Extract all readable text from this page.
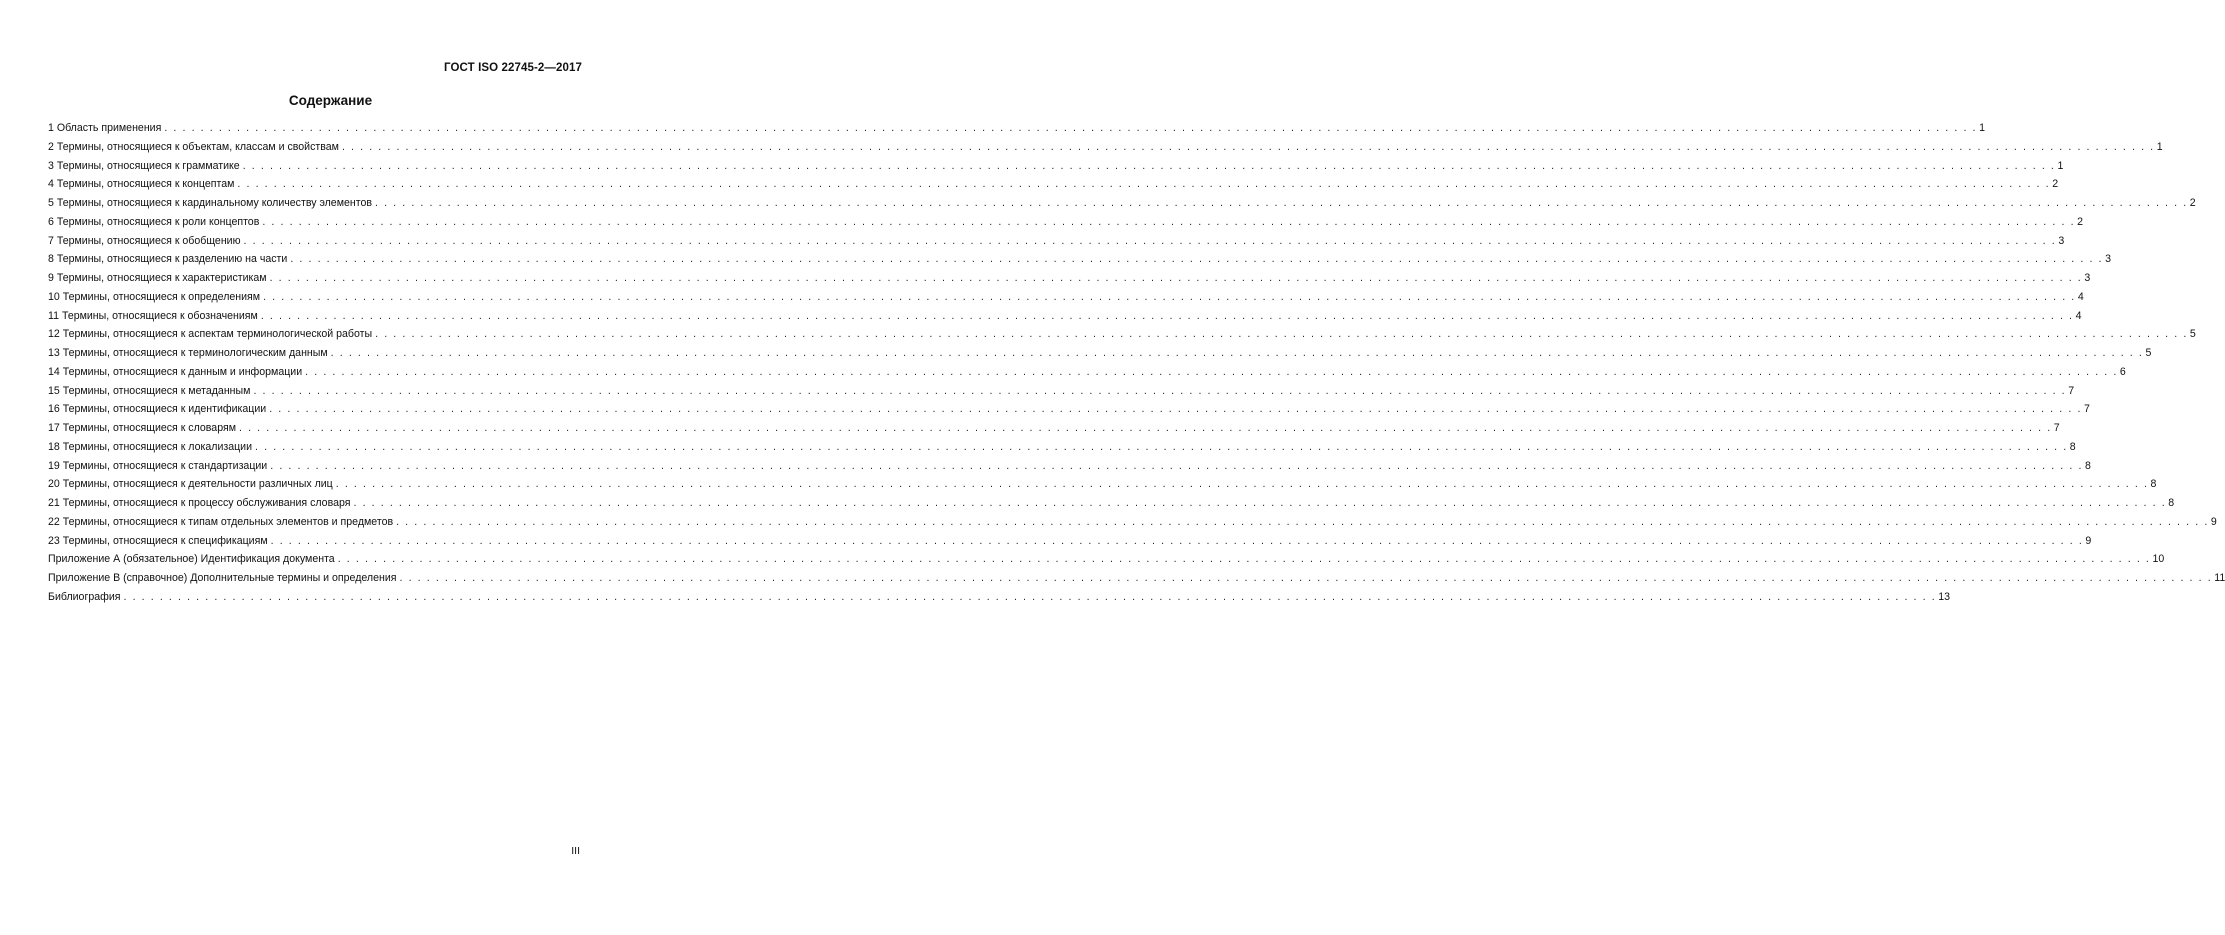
ГОСТ ISO 22745-2—2017
Содержание
1 Область применения . . . . . . . . . . . . . . . . . . . . . . . . . . . . . . . . . . . . . . . . . . . . . . . . . . . . . . . . . . . . . . . . . . . . . . . . . . . . . . . . . . . . . . . . . . . . . . . . . . . . . . . . . . . . . . . . . . . . . . . . . . . . . . . . . . . . . . . . . . . . . . . . . . . . . . . . . . . . . . . . . . . . . . . . . . . . . . . . . . . . . . . . . . . . . . . . . . . . . . . . 1
2 Термины, относящиеся к объектам, классам и свойствам . . . . . . . . . . . . . . . . . . . . . . . . . . . . . . . . . . . . . . . . . . . . . . . . . . . . . . . . . . . . . . . . . . . . . . . . . . . . . . . . . . . . . . . . . . . . . . . . . . . . . . . . . . . . . . . . . . . . . . . . . . . . . . . . . . . . . . . . . . . . . . . . . . . . . . . . . . . . . . . . . . . . . . . . . . . . . . . . . . . . . . . . . . . . . . . . . . . . . . . . 1
3 Термины, относящиеся к грамматике . . . . . . . . . . . . . . . . . . . . . . . . . . . . . . . . . . . . . . . . . . . . . . . . . . . . . . . . . . . . . . . . . . . . . . . . . . . . . . . . . . . . . . . . . . . . . . . . . . . . . . . . . . . . . . . . . . . . . . . . . . . . . . . . . . . . . . . . . . . . . . . . . . . . . . . . . . . . . . . . . . . . . . . . . . . . . . . . . . . . . . . . . . . . . . . . . . . . . . . . 1
4 Термины, относящиеся к концептам . . . . . . . . . . . . . . . . . . . . . . . . . . . . . . . . . . . . . . . . . . . . . . . . . . . . . . . . . . . . . . . . . . . . . . . . . . . . . . . . . . . . . . . . . . . . . . . . . . . . . . . . . . . . . . . . . . . . . . . . . . . . . . . . . . . . . . . . . . . . . . . . . . . . . . . . . . . . . . . . . . . . . . . . . . . . . . . . . . . . . . . . . . . . . . . . . . . . . . . . 2
5 Термины, относящиеся к кардинальному количеству элементов . . . . . . . . . . . . . . . . . . . . . . . . . . . . . . . . . . . . . . . . . . . . . . . . . . . . . . . . . . . . . . . . . . . . . . . . . . . . . . . . . . . . . . . . . . . . . . . . . . . . . . . . . . . . . . . . . . . . . . . . . . . . . . . . . . . . . . . . . . . . . . . . . . . . . . . . . . . . . . . . . . . . . . . . . . . . . . . . . . . . . . . . . . . . . . . . . . . . . . . . 2
6 Термины, относящиеся к роли концептов . . . . . . . . . . . . . . . . . . . . . . . . . . . . . . . . . . . . . . . . . . . . . . . . . . . . . . . . . . . . . . . . . . . . . . . . . . . . . . . . . . . . . . . . . . . . . . . . . . . . . . . . . . . . . . . . . . . . . . . . . . . . . . . . . . . . . . . . . . . . . . . . . . . . . . . . . . . . . . . . . . . . . . . . . . . . . . . . . . . . . . . . . . . . . . . . . . . . . . . . 2
7 Термины, относящиеся к обобщению . . . . . . . . . . . . . . . . . . . . . . . . . . . . . . . . . . . . . . . . . . . . . . . . . . . . . . . . . . . . . . . . . . . . . . . . . . . . . . . . . . . . . . . . . . . . . . . . . . . . . . . . . . . . . . . . . . . . . . . . . . . . . . . . . . . . . . . . . . . . . . . . . . . . . . . . . . . . . . . . . . . . . . . . . . . . . . . . . . . . . . . . . . . . . . . . . . . . . . . . 3
8 Термины, относящиеся к разделению на части . . . . . . . . . . . . . . . . . . . . . . . . . . . . . . . . . . . . . . . . . . . . . . . . . . . . . . . . . . . . . . . . . . . . . . . . . . . . . . . . . . . . . . . . . . . . . . . . . . . . . . . . . . . . . . . . . . . . . . . . . . . . . . . . . . . . . . . . . . . . . . . . . . . . . . . . . . . . . . . . . . . . . . . . . . . . . . . . . . . . . . . . . . . . . . . . . . . . . . . . 3
9 Термины, относящиеся к характеристикам . . . . . . . . . . . . . . . . . . . . . . . . . . . . . . . . . . . . . . . . . . . . . . . . . . . . . . . . . . . . . . . . . . . . . . . . . . . . . . . . . . . . . . . . . . . . . . . . . . . . . . . . . . . . . . . . . . . . . . . . . . . . . . . . . . . . . . . . . . . . . . . . . . . . . . . . . . . . . . . . . . . . . . . . . . . . . . . . . . . . . . . . . . . . . . . . . . . . . . . . 3
10 Термины, относящиеся к определениям . . . . . . . . . . . . . . . . . . . . . . . . . . . . . . . . . . . . . . . . . . . . . . . . . . . . . . . . . . . . . . . . . . . . . . . . . . . . . . . . . . . . . . . . . . . . . . . . . . . . . . . . . . . . . . . . . . . . . . . . . . . . . . . . . . . . . . . . . . . . . . . . . . . . . . . . . . . . . . . . . . . . . . . . . . . . . . . . . . . . . . . . . . . . . . . . . . . . . . . . 4
11 Термины, относящиеся к обозначениям . . . . . . . . . . . . . . . . . . . . . . . . . . . . . . . . . . . . . . . . . . . . . . . . . . . . . . . . . . . . . . . . . . . . . . . . . . . . . . . . . . . . . . . . . . . . . . . . . . . . . . . . . . . . . . . . . . . . . . . . . . . . . . . . . . . . . . . . . . . . . . . . . . . . . . . . . . . . . . . . . . . . . . . . . . . . . . . . . . . . . . . . . . . . . . . . . . . . . . . . 4
12 Термины, относящиеся к аспектам терминологической работы . . . . . . . . . . . . . . . . . . . . . . . . . . . . . . . . . . . . . . . . . . . . . . . . . . . . . . . . . . . . . . . . . . . . . . . . . . . . . . . . . . . . . . . . . . . . . . . . . . . . . . . . . . . . . . . . . . . . . . . . . . . . . . . . . . . . . . . . . . . . . . . . . . . . . . . . . . . . . . . . . . . . . . . . . . . . . . . . . . . . . . . . . . . . . . . . . . . . . . . . 5
13 Термины, относящиеся к терминологическим данным . . . . . . . . . . . . . . . . . . . . . . . . . . . . . . . . . . . . . . . . . . . . . . . . . . . . . . . . . . . . . . . . . . . . . . . . . . . . . . . . . . . . . . . . . . . . . . . . . . . . . . . . . . . . . . . . . . . . . . . . . . . . . . . . . . . . . . . . . . . . . . . . . . . . . . . . . . . . . . . . . . . . . . . . . . . . . . . . . . . . . . . . . . . . . . . . . . . . . . . . 5
14 Термины, относящиеся к данным и информации . . . . . . . . . . . . . . . . . . . . . . . . . . . . . . . . . . . . . . . . . . . . . . . . . . . . . . . . . . . . . . . . . . . . . . . . . . . . . . . . . . . . . . . . . . . . . . . . . . . . . . . . . . . . . . . . . . . . . . . . . . . . . . . . . . . . . . . . . . . . . . . . . . . . . . . . . . . . . . . . . . . . . . . . . . . . . . . . . . . . . . . . . . . . . . . . . . . . . . . . 6
15 Термины, относящиеся к метаданным . . . . . . . . . . . . . . . . . . . . . . . . . . . . . . . . . . . . . . . . . . . . . . . . . . . . . . . . . . . . . . . . . . . . . . . . . . . . . . . . . . . . . . . . . . . . . . . . . . . . . . . . . . . . . . . . . . . . . . . . . . . . . . . . . . . . . . . . . . . . . . . . . . . . . . . . . . . . . . . . . . . . . . . . . . . . . . . . . . . . . . . . . . . . . . . . . . . . . . . . 7
16 Термины, относящиеся к идентификации . . . . . . . . . . . . . . . . . . . . . . . . . . . . . . . . . . . . . . . . . . . . . . . . . . . . . . . . . . . . . . . . . . . . . . . . . . . . . . . . . . . . . . . . . . . . . . . . . . . . . . . . . . . . . . . . . . . . . . . . . . . . . . . . . . . . . . . . . . . . . . . . . . . . . . . . . . . . . . . . . . . . . . . . . . . . . . . . . . . . . . . . . . . . . . . . . . . . . . . . 7
17 Термины, относящиеся к словарям . . . . . . . . . . . . . . . . . . . . . . . . . . . . . . . . . . . . . . . . . . . . . . . . . . . . . . . . . . . . . . . . . . . . . . . . . . . . . . . . . . . . . . . . . . . . . . . . . . . . . . . . . . . . . . . . . . . . . . . . . . . . . . . . . . . . . . . . . . . . . . . . . . . . . . . . . . . . . . . . . . . . . . . . . . . . . . . . . . . . . . . . . . . . . . . . . . . . . . . . 7
18 Термины, относящиеся к локализации . . . . . . . . . . . . . . . . . . . . . . . . . . . . . . . . . . . . . . . . . . . . . . . . . . . . . . . . . . . . . . . . . . . . . . . . . . . . . . . . . . . . . . . . . . . . . . . . . . . . . . . . . . . . . . . . . . . . . . . . . . . . . . . . . . . . . . . . . . . . . . . . . . . . . . . . . . . . . . . . . . . . . . . . . . . . . . . . . . . . . . . . . . . . . . . . . . . . . . . . 8
19 Термины, относящиеся к стандартизации . . . . . . . . . . . . . . . . . . . . . . . . . . . . . . . . . . . . . . . . . . . . . . . . . . . . . . . . . . . . . . . . . . . . . . . . . . . . . . . . . . . . . . . . . . . . . . . . . . . . . . . . . . . . . . . . . . . . . . . . . . . . . . . . . . . . . . . . . . . . . . . . . . . . . . . . . . . . . . . . . . . . . . . . . . . . . . . . . . . . . . . . . . . . . . . . . . . . . . . . 8
20 Термины, относящиеся к деятельности различных лиц . . . . . . . . . . . . . . . . . . . . . . . . . . . . . . . . . . . . . . . . . . . . . . . . . . . . . . . . . . . . . . . . . . . . . . . . . . . . . . . . . . . . . . . . . . . . . . . . . . . . . . . . . . . . . . . . . . . . . . . . . . . . . . . . . . . . . . . . . . . . . . . . . . . . . . . . . . . . . . . . . . . . . . . . . . . . . . . . . . . . . . . . . . . . . . . . . . . . . . . . 8
21 Термины, относящиеся к процессу обслуживания словаря . . . . . . . . . . . . . . . . . . . . . . . . . . . . . . . . . . . . . . . . . . . . . . . . . . . . . . . . . . . . . . . . . . . . . . . . . . . . . . . . . . . . . . . . . . . . . . . . . . . . . . . . . . . . . . . . . . . . . . . . . . . . . . . . . . . . . . . . . . . . . . . . . . . . . . . . . . . . . . . . . . . . . . . . . . . . . . . . . . . . . . . . . . . . . . . . . . . . . . . . 8
22 Термины, относящиеся к типам отдельных элементов и предметов . . . . . . . . . . . . . . . . . . . . . . . . . . . . . . . . . . . . . . . . . . . . . . . . . . . . . . . . . . . . . . . . . . . . . . . . . . . . . . . . . . . . . . . . . . . . . . . . . . . . . . . . . . . . . . . . . . . . . . . . . . . . . . . . . . . . . . . . . . . . . . . . . . . . . . . . . . . . . . . . . . . . . . . . . . . . . . . . . . . . . . . . . . . . . . . . . . . . . . . . 9
23 Термины, относящиеся к спецификациям . . . . . . . . . . . . . . . . . . . . . . . . . . . . . . . . . . . . . . . . . . . . . . . . . . . . . . . . . . . . . . . . . . . . . . . . . . . . . . . . . . . . . . . . . . . . . . . . . . . . . . . . . . . . . . . . . . . . . . . . . . . . . . . . . . . . . . . . . . . . . . . . . . . . . . . . . . . . . . . . . . . . . . . . . . . . . . . . . . . . . . . . . . . . . . . . . . . . . . . . 9
Приложение А (обязательное) Идентификация документа . . . . . . . . . . . . . . . . . . . . . . . . . . . . . . . . . . . . . . . . . . . . . . . . . . . . . . . . . . . . . . . . . . . . . . . . . . . . . . . . . . . . . . . . . . . . . . . . . . . . . . . . . . . . . . . . . . . . . . . . . . . . . . . . . . . . . . . . . . . . . . . . . . . . . . . . . . . . . . . . . . . . . . . . . . . . . . . . . . . . . . . . . . . . . . . . . . . . . . . . 10
Приложение В (справочное) Дополнительные термины и определения . . . . . . . . . . . . . . . . . . . . . . . . . . . . . . . . . . . . . . . . . . . . . . . . . . . . . . . . . . . . . . . . . . . . . . . . . . . . . . . . . . . . . . . . . . . . . . . . . . . . . . . . . . . . . . . . . . . . . . . . . . . . . . . . . . . . . . . . . . . . . . . . . . . . . . . . . . . . . . . . . . . . . . . . . . . . . . . . . . . . . . . . . . . . . . . . . . . . . . . . 11
Библиография . . . . . . . . . . . . . . . . . . . . . . . . . . . . . . . . . . . . . . . . . . . . . . . . . . . . . . . . . . . . . . . . . . . . . . . . . . . . . . . . . . . . . . . . . . . . . . . . . . . . . . . . . . . . . . . . . . . . . . . . . . . . . . . . . . . . . . . . . . . . . . . . . . . . . . . . . . . . . . . . . . . . . . . . . . . . . . . . . . . . . . . . . . . . . . . . . . . . . . . . 13
III
